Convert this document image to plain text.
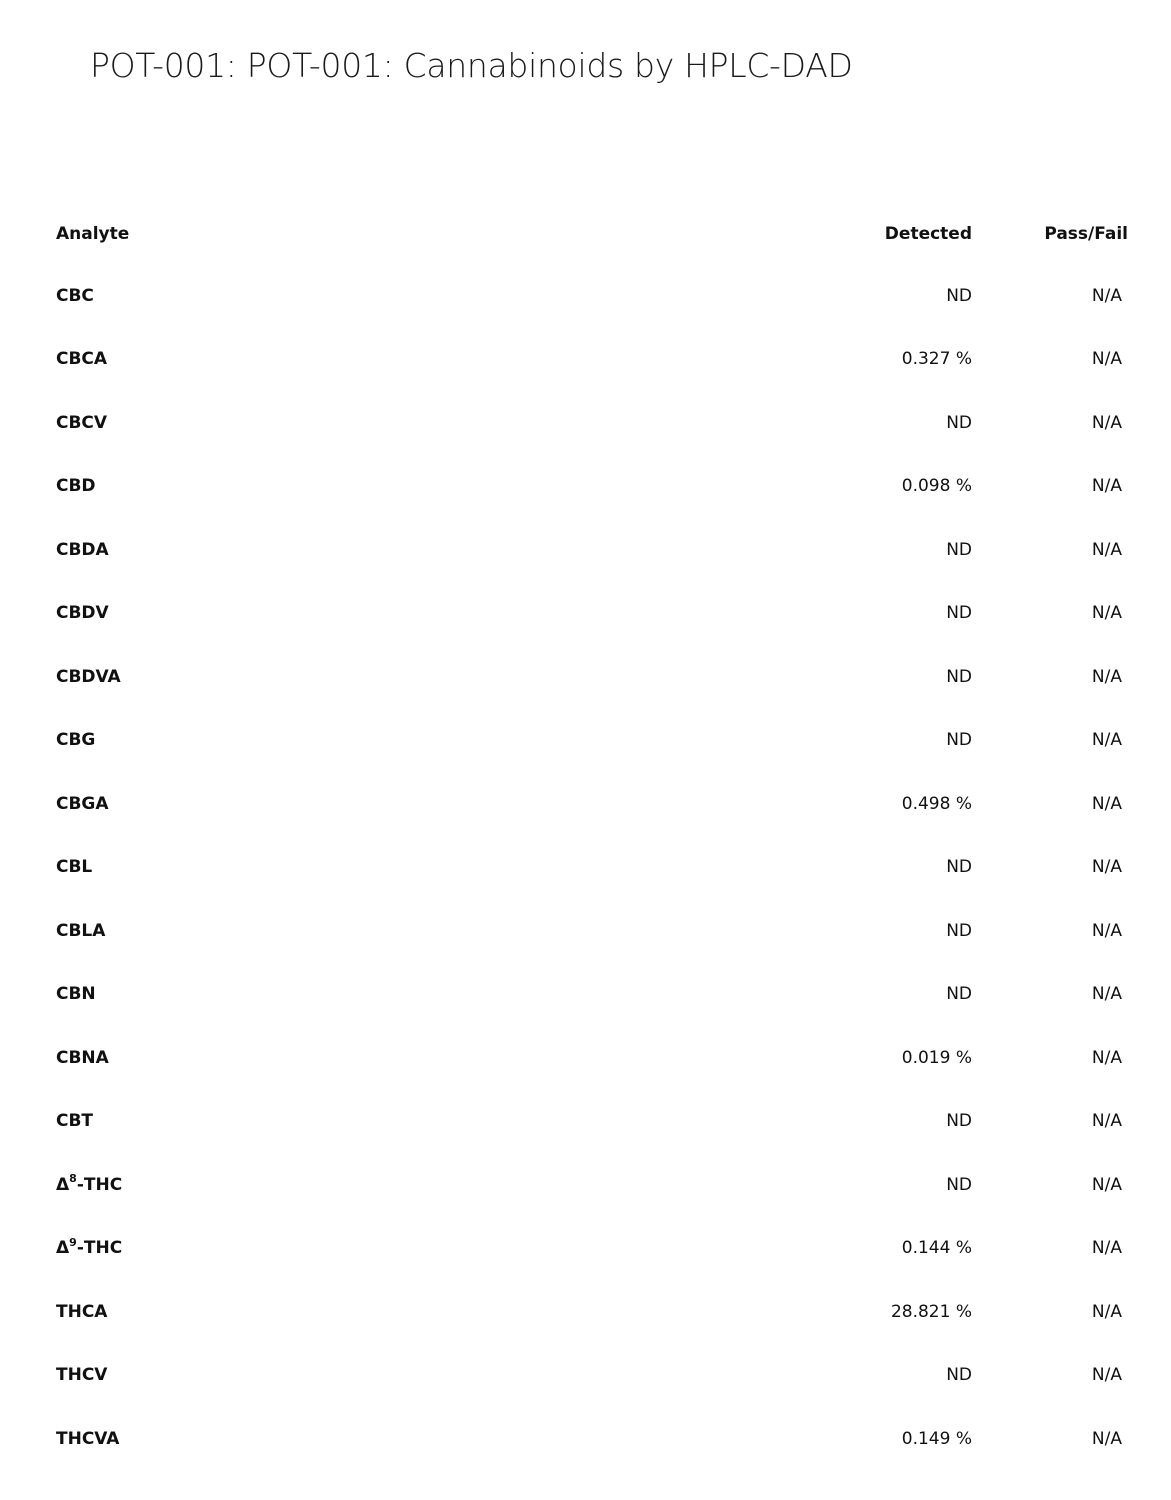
POT-001: POT-001: Cannabinoids by HPLC-DAD
Analyte	Detected	Pass/Fail
CBC	ND	N/A
CBCA	0.327 %	N/A
CBCV	ND	N/A
CBD	0.098 %	N/A
CBDA	ND	N/A
CBDV	ND	N/A
CBDVA	ND	N/A
CBG	ND	N/A
CBGA	0.498 %	N/A
CBL	ND	N/A
CBLA	ND	N/A
CBN	ND	N/A
CBNA	0.019 %	N/A
CBT	ND	N/A
$\Delta^8$-THC	ND	N/A
$\Delta^9$-THC	0.144 %	N/A
THCA	28.821 %	N/A
THCV	ND	N/A
THCVA	0.149 %	N/A
